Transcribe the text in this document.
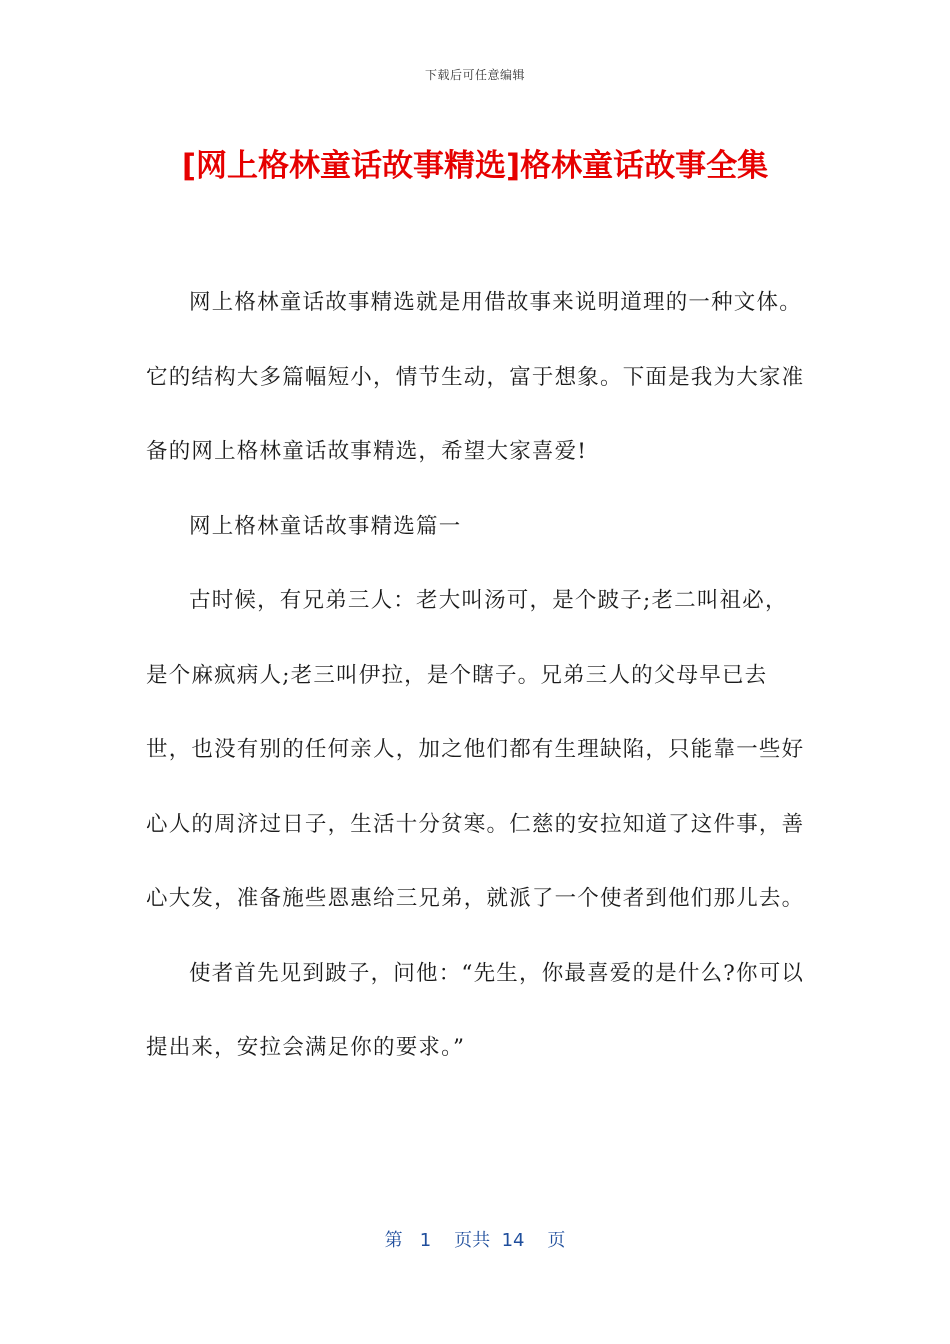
下载后可任意编辑
[网上格林童话故事精选]格林童话故事全集

网上格林童话故事精选就是用借故事来说明道理的一种文体。它的结构大多篇幅短小，情节生动，富于想象。下面是我为大家准备的网上格林童话故事精选，希望大家喜爱!

网上格林童话故事精选篇一

古时候，有兄弟三人：老大叫汤可，是个跛子;老二叫祖必，是个麻疯病人;老三叫伊拉，是个瞎子。兄弟三人的父母早已去世，也没有别的任何亲人，加之他们都有生理缺陷，只能靠一些好心人的周济过日子，生活十分贫寒。仁慈的安拉知道了这件事，善心大发，准备施些恩惠给三兄弟，就派了一个使者到他们那儿去。

使者首先见到跛子，问他：“先生，你最喜爱的是什么?你可以提出来，安拉会满足你的要求。”

第 1 页共 14 页
